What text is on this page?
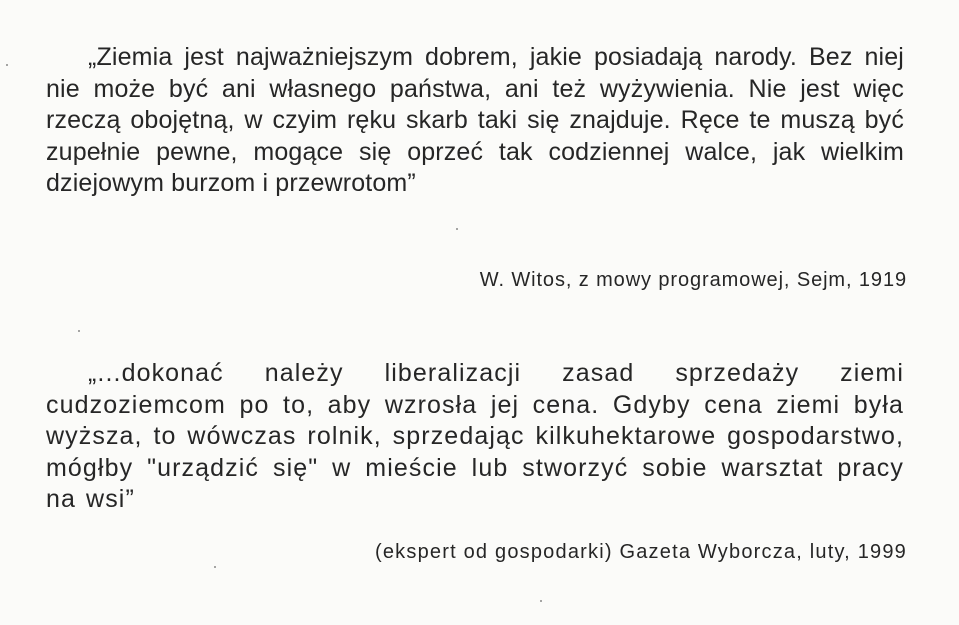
„Ziemia jest najważniejszym dobrem, jakie posiadają narody. Bez niej nie może być ani własnego państwa, ani też wyżywienia. Nie jest więc rzeczą obojętną, w czyim ręku skarb taki się znajduje. Ręce te muszą być zupełnie pewne, mogące się oprzeć tak codziennej walce, jak wielkim dziejowym burzom i przewrotom”

W. Witos, z mowy programowej, Sejm, 1919

„...dokonać należy liberalizacji zasad sprzedaży ziemi cudzoziemcom po to, aby wzrosła jej cena. Gdyby cena ziemi była wyższa, to wówczas rolnik, sprzedając kilkuhektarowe gospodarstwo, mógłby "urządzić się" w mieście lub stworzyć sobie warsztat pracy na wsi”

(ekspert od gospodarki) Gazeta Wyborcza, luty, 1999
